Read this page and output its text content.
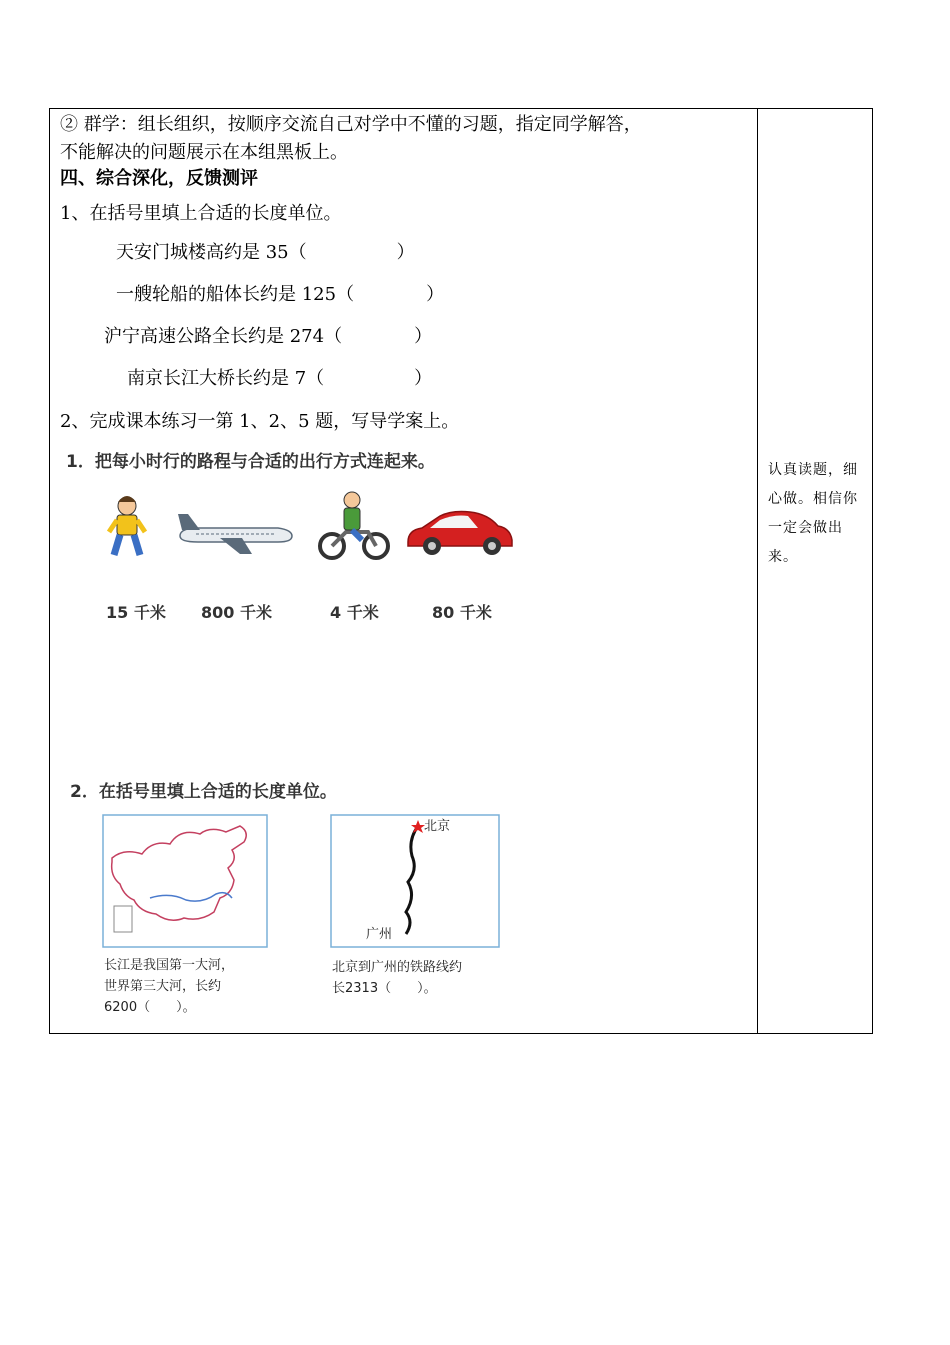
② 群学：组长组织，按顺序交流自己对学中不懂的习题，指定同学解答，
不能解决的问题展示在本组黑板上。
四、综合深化，反馈测评
1、在括号里填上合适的长度单位。
天安门城楼高约是 35（　　　　　）
一艘轮船的船体长约是 125（　　　　）
沪宁高速公路全长约是 274（　　　　）
南京长江大桥长约是 7（　　　　　）
2、完成课本练习一第 1、2、5 题，写导学案上。
1．把每小时行的路程与合适的出行方式连起来。
15 千米 800 千米	4 千米	80 千米
2．在括号里填上合适的长度单位。
北京
广州
长江是我国第一大河，
世界第三大河，长约
6200（　　）。
北京到广州的铁路线约
长2313（　　）。
认真读题，细心做。相信你一定会做出来。
